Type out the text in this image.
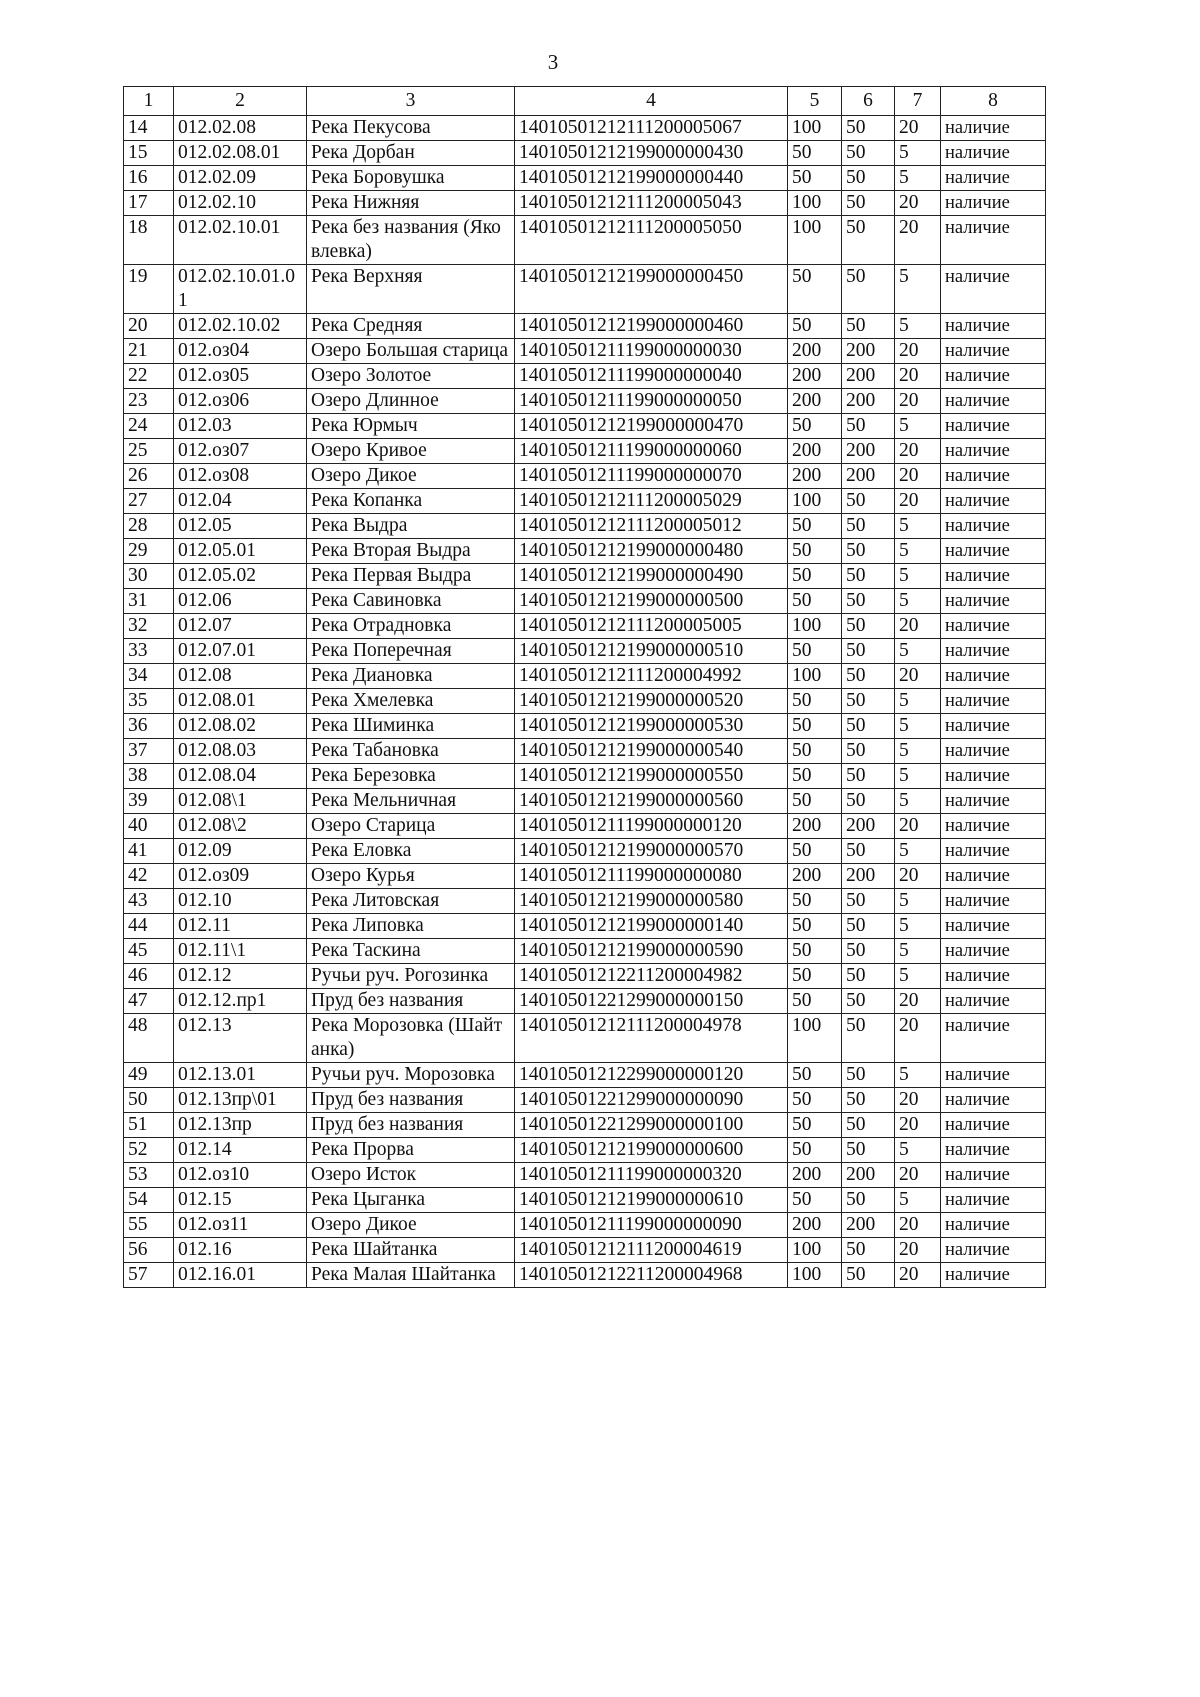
3
1	2	3	4	5	6	7	8
14	012.02.08	Река Пекусова	14010501212111200005067	100	50	20	наличие
15	012.02.08.01	Река Дорбан	14010501212199000000430	50	50	5	наличие
16	012.02.09	Река Боровушка	14010501212199000000440	50	50	5	наличие
17	012.02.10	Река Нижняя	14010501212111200005043	100	50	20	наличие
18	012.02.10.01	Река без названия (Яковлевка)	14010501212111200005050	100	50	20	наличие
19	012.02.10.01.01	Река Верхняя	14010501212199000000450	50	50	5	наличие
20	012.02.10.02	Река Средняя	14010501212199000000460	50	50	5	наличие
21	012.оз04	Озеро Большая старица	14010501211199000000030	200	200	20	наличие
22	012.оз05	Озеро Золотое	14010501211199000000040	200	200	20	наличие
23	012.оз06	Озеро Длинное	14010501211199000000050	200	200	20	наличие
24	012.03	Река Юрмыч	14010501212199000000470	50	50	5	наличие
25	012.оз07	Озеро Кривое	14010501211199000000060	200	200	20	наличие
26	012.оз08	Озеро Дикое	14010501211199000000070	200	200	20	наличие
27	012.04	Река Копанка	14010501212111200005029	100	50	20	наличие
28	012.05	Река Выдра	14010501212111200005012	50	50	5	наличие
29	012.05.01	Река Вторая Выдра	14010501212199000000480	50	50	5	наличие
30	012.05.02	Река Первая Выдра	14010501212199000000490	50	50	5	наличие
31	012.06	Река Савиновка	14010501212199000000500	50	50	5	наличие
32	012.07	Река Отрадновка	14010501212111200005005	100	50	20	наличие
33	012.07.01	Река Поперечная	14010501212199000000510	50	50	5	наличие
34	012.08	Река Диановка	14010501212111200004992	100	50	20	наличие
35	012.08.01	Река Хмелевка	14010501212199000000520	50	50	5	наличие
36	012.08.02	Река Шиминка	14010501212199000000530	50	50	5	наличие
37	012.08.03	Река Табановка	14010501212199000000540	50	50	5	наличие
38	012.08.04	Река Березовка	14010501212199000000550	50	50	5	наличие
39	012.08\1	Река Мельничная	14010501212199000000560	50	50	5	наличие
40	012.08\2	Озеро Старица	14010501211199000000120	200	200	20	наличие
41	012.09	Река Еловка	14010501212199000000570	50	50	5	наличие
42	012.оз09	Озеро Курья	14010501211199000000080	200	200	20	наличие
43	012.10	Река Литовская	14010501212199000000580	50	50	5	наличие
44	012.11	Река Липовка	14010501212199000000140	50	50	5	наличие
45	012.11\1	Река Таскина	14010501212199000000590	50	50	5	наличие
46	012.12	Ручьи руч. Рогозинка	14010501212211200004982	50	50	5	наличие
47	012.12.пр1	Пруд без названия	14010501221299000000150	50	50	20	наличие
48	012.13	Река Морозовка (Шайтанка)	14010501212111200004978	100	50	20	наличие
49	012.13.01	Ручьи руч. Морозовка	14010501212299000000120	50	50	5	наличие
50	012.13пр\01	Пруд без названия	14010501221299000000090	50	50	20	наличие
51	012.13пр	Пруд без названия	14010501221299000000100	50	50	20	наличие
52	012.14	Река Прорва	14010501212199000000600	50	50	5	наличие
53	012.оз10	Озеро Исток	14010501211199000000320	200	200	20	наличие
54	012.15	Река Цыганка	14010501212199000000610	50	50	5	наличие
55	012.оз11	Озеро Дикое	14010501211199000000090	200	200	20	наличие
56	012.16	Река Шайтанка	14010501212111200004619	100	50	20	наличие
57	012.16.01	Река Малая Шайтанка	14010501212211200004968	100	50	20	наличие
